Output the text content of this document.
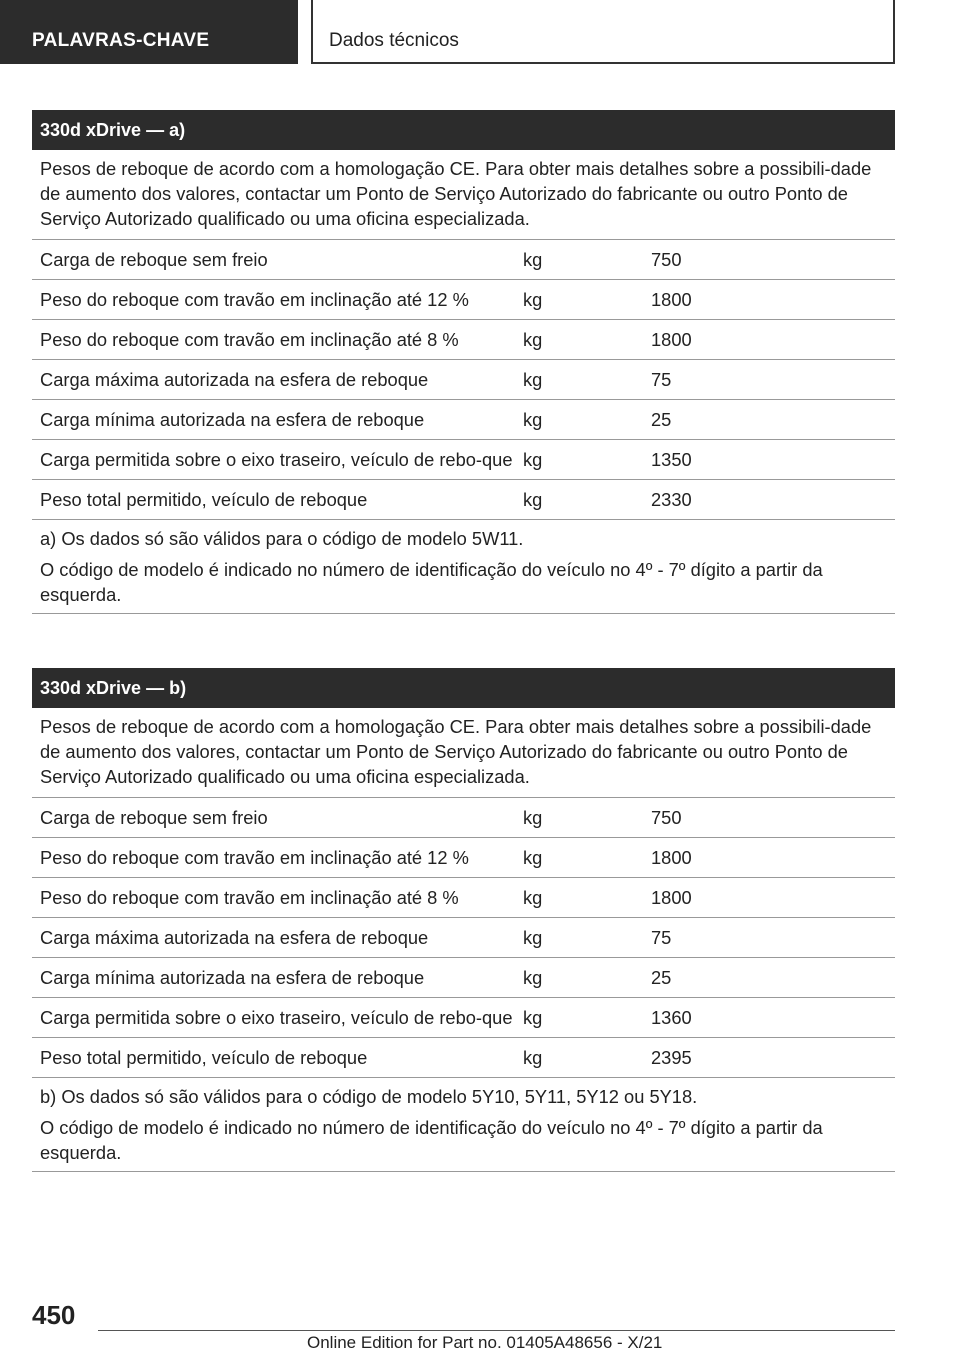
PALAVRAS-CHAVE	Dados técnicos
330d xDrive — a)
Pesos de reboque de acordo com a homologação CE. Para obter mais detalhes sobre a possibili-dade de aumento dos valores, contactar um Ponto de Serviço Autorizado do fabricante ou outro Ponto de Serviço Autorizado qualificado ou uma oficina especializada.
Carga de reboque sem freio	kg	750
Peso do reboque com travão em inclinação até 12 %	kg	1800
Peso do reboque com travão em inclinação até 8 %	kg	1800
Carga máxima autorizada na esfera de reboque	kg	75
Carga mínima autorizada na esfera de reboque	kg	25
Carga permitida sobre o eixo traseiro, veículo de rebo-que kg	1350
Peso total permitido, veículo de reboque	kg	2330

a) Os dados só são válidos para o código de modelo 5W11.

O código de modelo é indicado no número de identificação do veículo no 4º - 7º dígito a partir da esquerda.

330d xDrive — b)
Pesos de reboque de acordo com a homologação CE. Para obter mais detalhes sobre a possibili-dade de aumento dos valores, contactar um Ponto de Serviço Autorizado do fabricante ou outro Ponto de Serviço Autorizado qualificado ou uma oficina especializada.
Carga de reboque sem freio	kg	750
Peso do reboque com travão em inclinação até 12 %	kg	1800
Peso do reboque com travão em inclinação até 8 %	kg	1800
Carga máxima autorizada na esfera de reboque	kg	75
Carga mínima autorizada na esfera de reboque	kg	25
Carga permitida sobre o eixo traseiro, veículo de rebo-que kg	1360
Peso total permitido, veículo de reboque	kg	2395

b) Os dados só são válidos para o código de modelo 5Y10, 5Y11, 5Y12 ou 5Y18.

O código de modelo é indicado no número de identificação do veículo no 4º - 7º dígito a partir da esquerda.

450
Online Edition for Part no. 01405A48656 - X/21
